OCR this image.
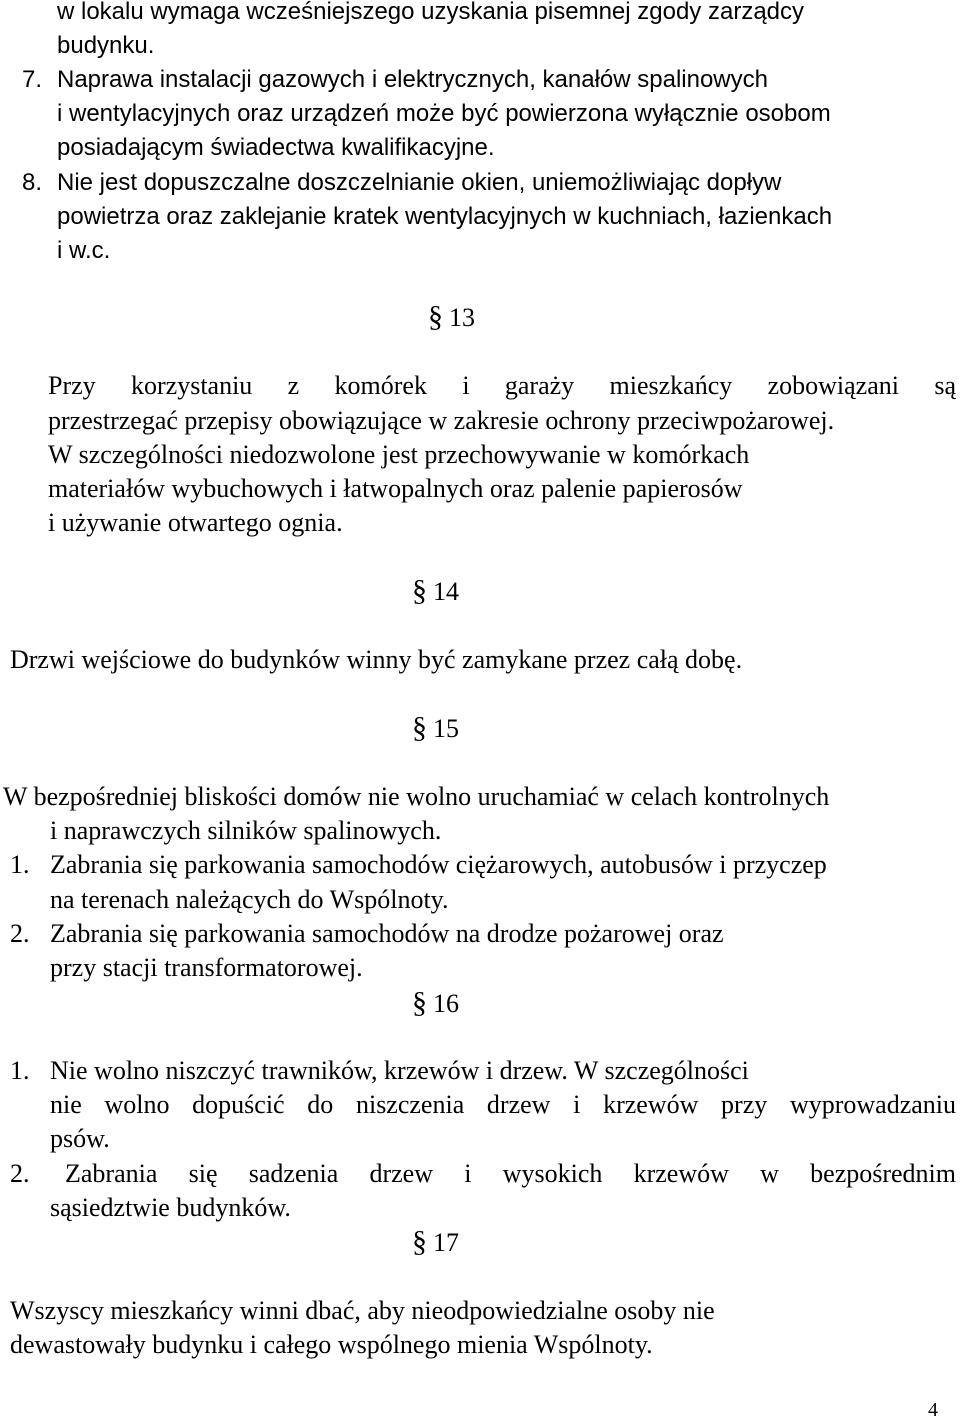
w lokalu wymaga wcześniejszego uzyskania pisemnej zgody zarządcy

budynku.

7. Naprawa instalacji gazowych i elektrycznych, kanałów spalinowych

i wentylacyjnych oraz urządzeń może być powierzona wyłącznie osobom

posiadającym świadectwa kwalifikacyjne.

8. Nie jest dopuszczalne doszczelnianie okien, uniemożliwiając dopływ

powietrza oraz zaklejanie kratek wentylacyjnych w kuchniach, łazienkach

i w.c.

§ 13

Przy korzystaniu z komórek i garaży mieszkańcy zobowiązani są

przestrzegać przepisy obowiązujące w zakresie ochrony przeciwpożarowej.

W szczególności niedozwolone jest przechowywanie w komórkach

materiałów wybuchowych i łatwopalnych oraz palenie papierosów

i używanie otwartego ognia.

§ 14

Drzwi wejściowe do budynków winny być zamykane przez całą dobę.

§ 15

W bezpośredniej bliskości domów nie wolno uruchamiać w celach kontrolnych

i naprawczych silników spalinowych.

1. Zabrania się parkowania samochodów ciężarowych, autobusów i przyczep

na terenach należących do Wspólnoty.

2. Zabrania się parkowania samochodów na drodze pożarowej oraz

przy stacji transformatorowej.

§ 16
1. Nie wolno niszczyć trawników, krzewów i drzew. W szczególności

nie wolno dopuścić do niszczenia drzew i krzewów przy wyprowadzaniu

psów.

2. Zabrania się sadzenia drzew i wysokich krzewów w bezpośrednim

sąsiedztwie budynków.

§ 17

Wszyscy mieszkańcy winni dbać, aby nieodpowiedzialne osoby nie

dewastowały budynku i całego wspólnego mienia Wspólnoty.

4
